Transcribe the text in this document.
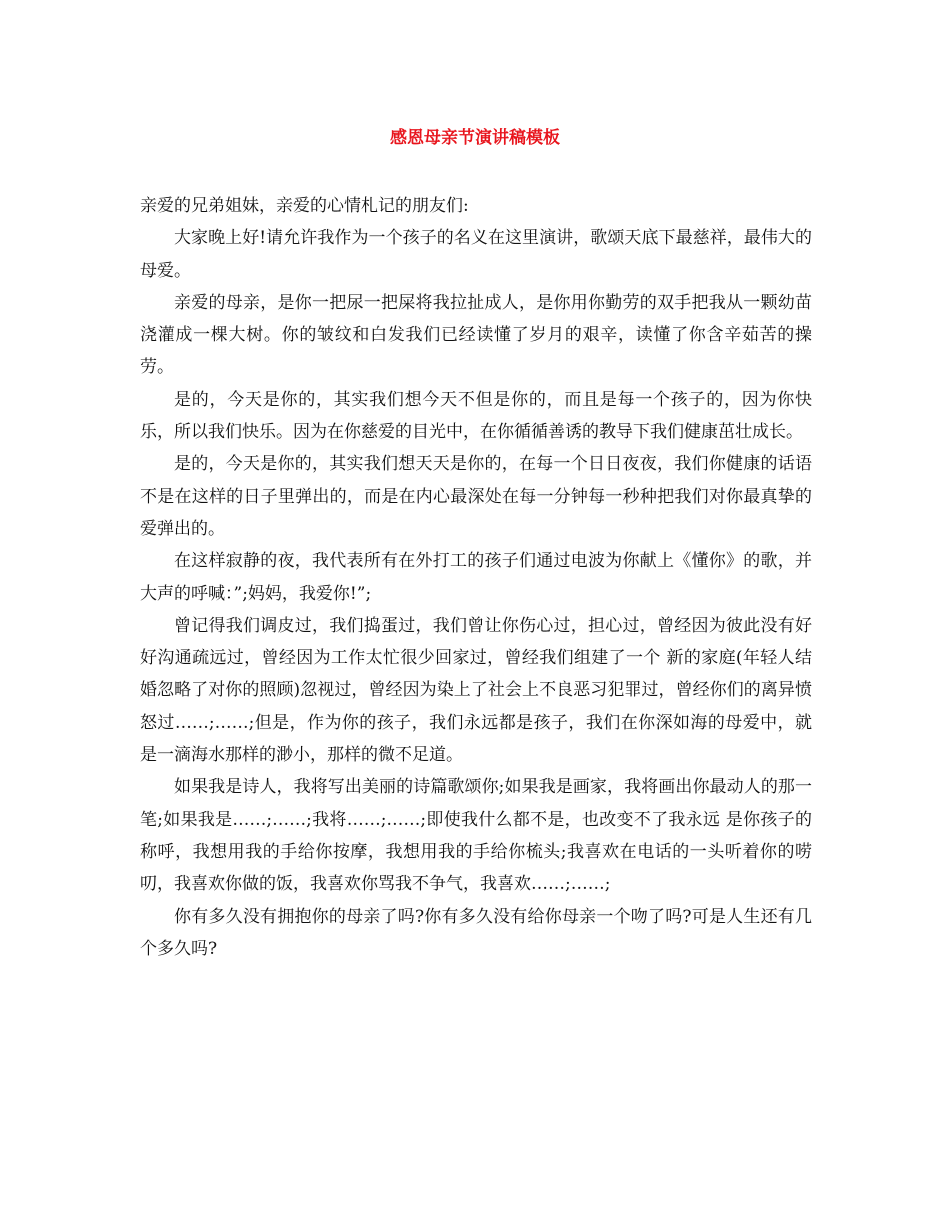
感恩母亲节演讲稿模板

亲爱的兄弟姐妹，亲爱的心情札记的朋友们:

大家晚上好!请允许我作为一个孩子的名义在这里演讲，歌颂天底下最慈祥，最伟大的母爱。

亲爱的母亲，是你一把尿一把屎将我拉扯成人，是你用你勤劳的双手把我从一颗幼苗浇灌成一棵大树。你的皱纹和白发我们已经读懂了岁月的艰辛，读懂了你含辛茹苦的操劳。

是的，今天是你的，其实我们想今天不但是你的，而且是每一个孩子的，因为你快乐，所以我们快乐。因为在你慈爱的目光中，在你循循善诱的教导下我们健康茁壮成长。

是的，今天是你的，其实我们想天天是你的，在每一个日日夜夜，我们你健康的话语不是在这样的日子里弹出的，而是在内心最深处在每一分钟每一秒种把我们对你最真挚的爱弹出的。

在这样寂静的夜，我代表所有在外打工的孩子们通过电波为你献上《懂你》的歌，并大声的呼喊：”;妈妈，我爱你!”;

曾记得我们调皮过，我们捣蛋过，我们曾让你伤心过，担心过，曾经因为彼此没有好好沟通疏远过，曾经因为工作太忙很少回家过，曾经我们组建了一个 新的家庭(年轻人结婚忽略了对你的照顾)忽视过，曾经因为染上了社会上不良恶习犯罪过，曾经你们的离异愤怒过……;……;但是，作为你的孩子，我们永远都是孩子，我们在你深如海的母爱中，就是一滴海水那样的渺小，那样的微不足道。

如果我是诗人，我将写出美丽的诗篇歌颂你;如果我是画家，我将画出你最动人的那一笔;如果我是……;……;我将……;……;即使我什么都不是，也改变不了我永远 是你孩子的称呼，我想用我的手给你按摩，我想用我的手给你梳头;我喜欢在电话的一头听着你的唠叨，我喜欢你做的饭，我喜欢你骂我不争气，我喜欢……;……;

你有多久没有拥抱你的母亲了吗?你有多久没有给你母亲一个吻了吗?可是人生还有几个多久吗?
